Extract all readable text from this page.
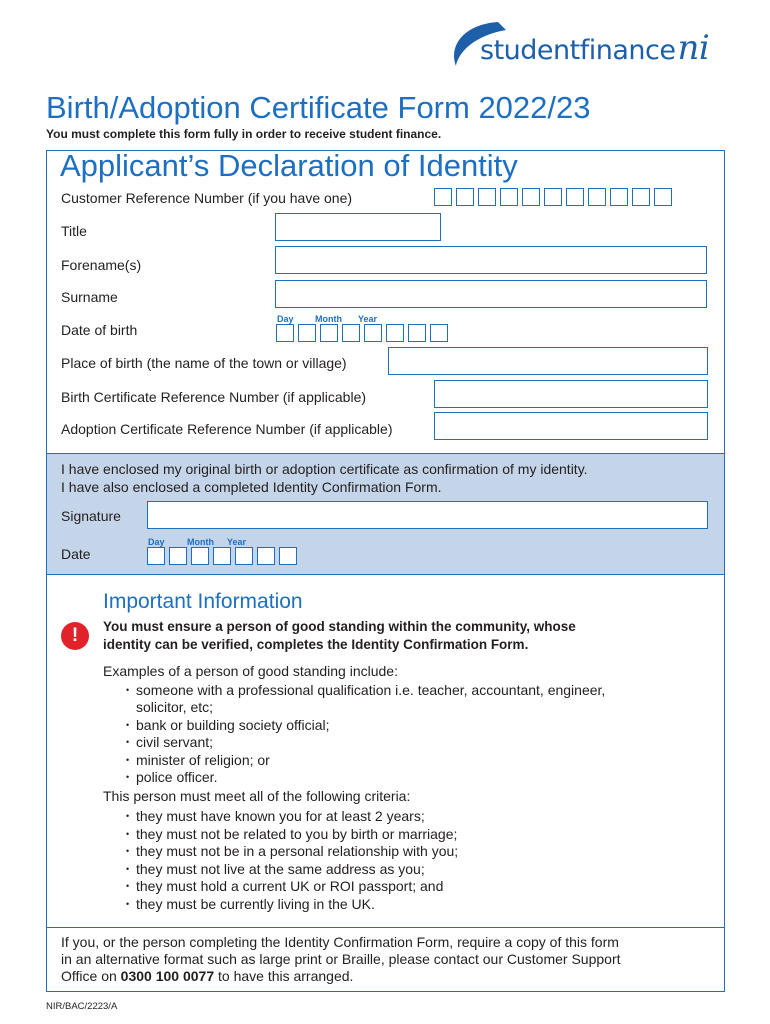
studentfinanceni
Birth/Adoption Certificate Form 2022/23
You must complete this form fully in order to receive student finance.
Applicant’s Declaration of Identity
Customer Reference Number (if you have one)
Title
Forename(s)
Surname
Date of birth
Day Month Year
Place of birth (the name of the town or village)
Birth Certificate Reference Number (if applicable)
Adoption Certificate Reference Number (if applicable)
I have enclosed my original birth or adoption certificate as confirmation of my identity.
I have also enclosed a completed Identity Confirmation Form.
Signature
Date
Day Month Year
Important Information
!	You must ensure a person of good standing within the community, whose
identity can be verified, completes the Identity Confirmation Form.
Examples of a person of good standing include:
• someone with a professional qualification i.e. teacher, accountant, engineer,
solicitor, etc;
• bank or building society official;
• civil servant;
• minister of religion; or
• police officer.
This person must meet all of the following criteria:
• they must have known you for at least 2 years;
• they must not be related to you by birth or marriage;
• they must not be in a personal relationship with you;
• they must not live at the same address as you;
• they must hold a current UK or ROI passport; and
• they must be currently living in the UK.
If you, or the person completing the Identity Confirmation Form, require a copy of this form
in an alternative format such as large print or Braille, please contact our Customer Support
Office on 0300 100 0077 to have this arranged.
NIR/BAC/2223/A
